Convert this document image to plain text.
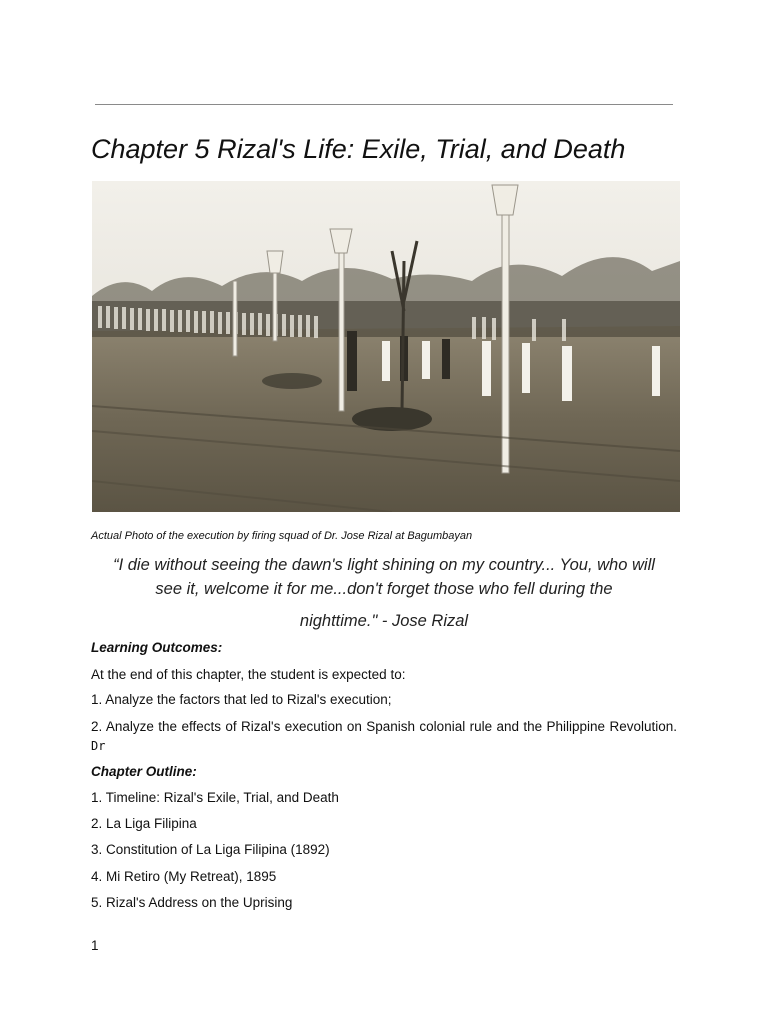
Chapter 5 Rizal's Life: Exile, Trial, and Death
Actual Photo of the execution by firing squad of Dr. Jose Rizal at Bagumbayan
“I die without seeing the dawn's light shining on my country... You, who will
see it, welcome it for me...don't forget those who fell during the
nighttime." - Jose Rizal
Learning Outcomes:
At the end of this chapter, the student is expected to:
1. Analyze the factors that led to Rizal's execution;
2. Analyze the effects of Rizal's execution on Spanish colonial rule and the Philippine Revolution. Dr
Chapter Outline:
1. Timeline: Rizal's Exile, Trial, and Death
2. La Liga Filipina
3. Constitution of La Liga Filipina (1892)
4. Mi Retiro (My Retreat), 1895
5. Rizal's Address on the Uprising
1
